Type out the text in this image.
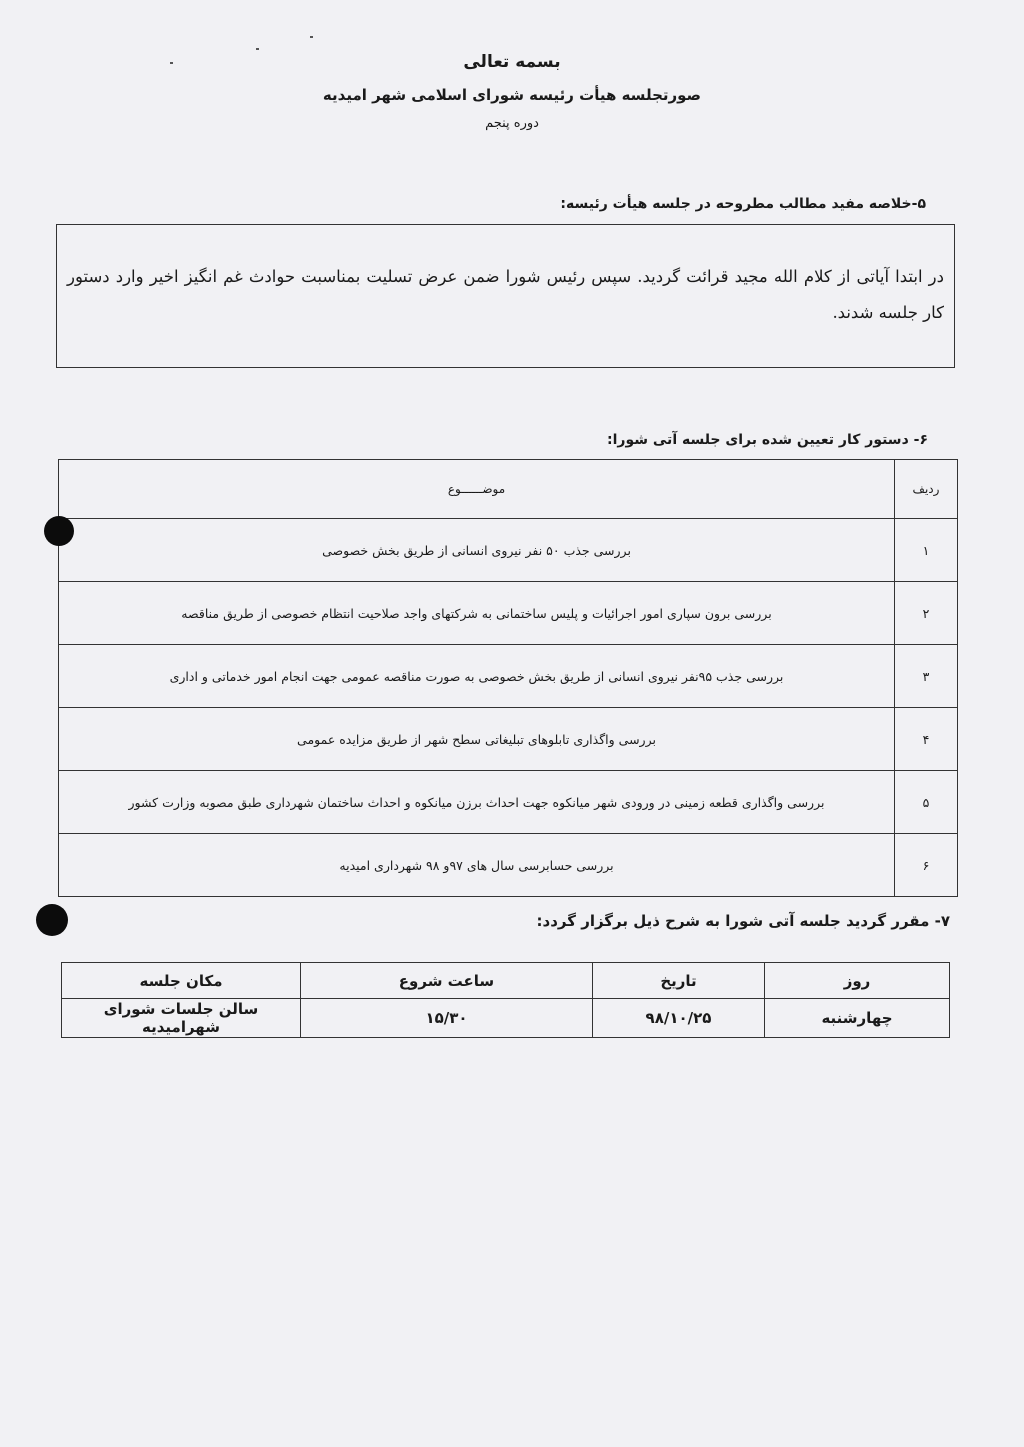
بسمه تعالی
صورتجلسه هیأت رئیسه شورای اسلامی شهر امیدیه
دوره پنجم
۵-خلاصه مفید مطالب مطروحه در جلسه هیأت رئیسه:
در ابتدا آیاتی از کلام الله مجید قرائت گردید. سپس رئیس شورا ضمن عرض تسلیت بمناسبت حوادث غم انگیز اخیر وارد دستور کار جلسه شدند.
۶- دستور کار تعیین شده برای جلسه آتی شورا:
ردیف	موضــــــوع
۱	بررسی جذب ۵۰ نفر نیروی انسانی از طریق بخش خصوصی
۲	بررسی برون سپاری امور اجرائیات و پلیس ساختمانی به شرکتهای واجد صلاحیت انتظام خصوصی از طریق مناقصه
۳	بررسی جذب ۹۵نفر نیروی انسانی از طریق بخش خصوصی به صورت مناقصه عمومی جهت انجام امور خدماتی و اداری
۴	بررسی واگذاری تابلوهای تبلیغاتی سطح شهر از طریق مزایده عمومی
۵	بررسی واگذاری قطعه زمینی در ورودی شهر میانکوه جهت احداث برزن میانکوه و احداث ساختمان شهرداری طبق مصوبه وزارت کشور
۶	بررسی حسابرسی سال های ۹۷و ۹۸ شهرداری امیدیه
۷- مقرر گردید جلسه آتی شورا به شرح ذیل برگزار گردد:
روز	تاریخ	ساعت شروع	مکان جلسه
چهارشنبه	۹۸/۱۰/۲۵	۱۵/۳۰	سالن جلسات شورای شهرامیدیه
